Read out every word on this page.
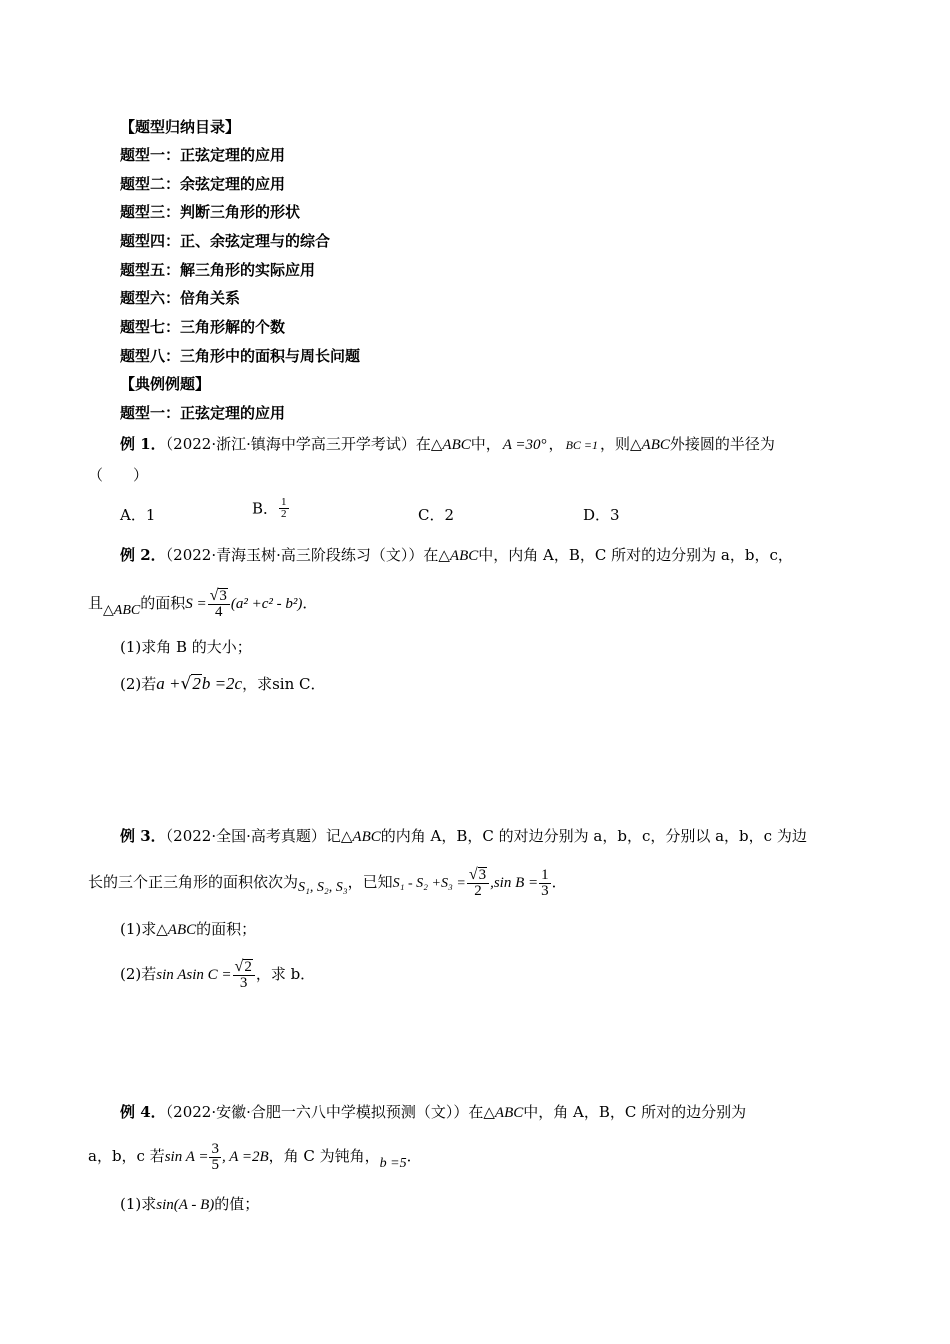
【题型归纳目录】
题型一：正弦定理的应用
题型二：余弦定理的应用
题型三：判断三角形的形状
题型四：正、余弦定理与的综合
题型五：解三角形的实际应用
题型六：倍角关系
题型七：三角形解的个数
题型八：三角形中的面积与周长问题
【典例例题】
题型一：正弦定理的应用
例 1．（2022·浙江·镇海中学高三开学考试）在△ABC中， A =30° ， BC =1 ，则△ABC外接圆的半径为
（　　）
A．1	B． $\frac{1}{2}$	C．2	D．3
例 2．（2022·青海玉树·高三阶段练习（文））在△ABC中，内角 A，B，C 所对的边分别为 a，b，c，
且△ABC的面积$S = \frac{√3}{4} (a^2 +c^2 - b^2)$．
(1)求角 B 的大小；
(2)若a +√2b =2c，求sin C．
例 3．（2022·全国·高考真题）记△ABC的内角 A，B，C 的对边分别为 a，b，c，分别以 a，b，c 为边
长的三个正三角形的面积依次为S₁, S₂, S₃，已知$S_1 - S_2 +S_3 = \frac{√3}{2} ,\sin$ $B = \frac{1}{3}$ ．
(1)求△ABC的面积；
(2)若sin Asin $C = \frac{√2}{3}$ ，求 b．
例 4．（2022·安徽·合肥一六八中学模拟预测（文））在△ABC中，角 A，B，C 所对的边分别为
a，b，c 若$\sin A = \frac{3}{5}$ , A =2B，角 C 为钝角，b =5．
(1)求sin(A - B)的值；
